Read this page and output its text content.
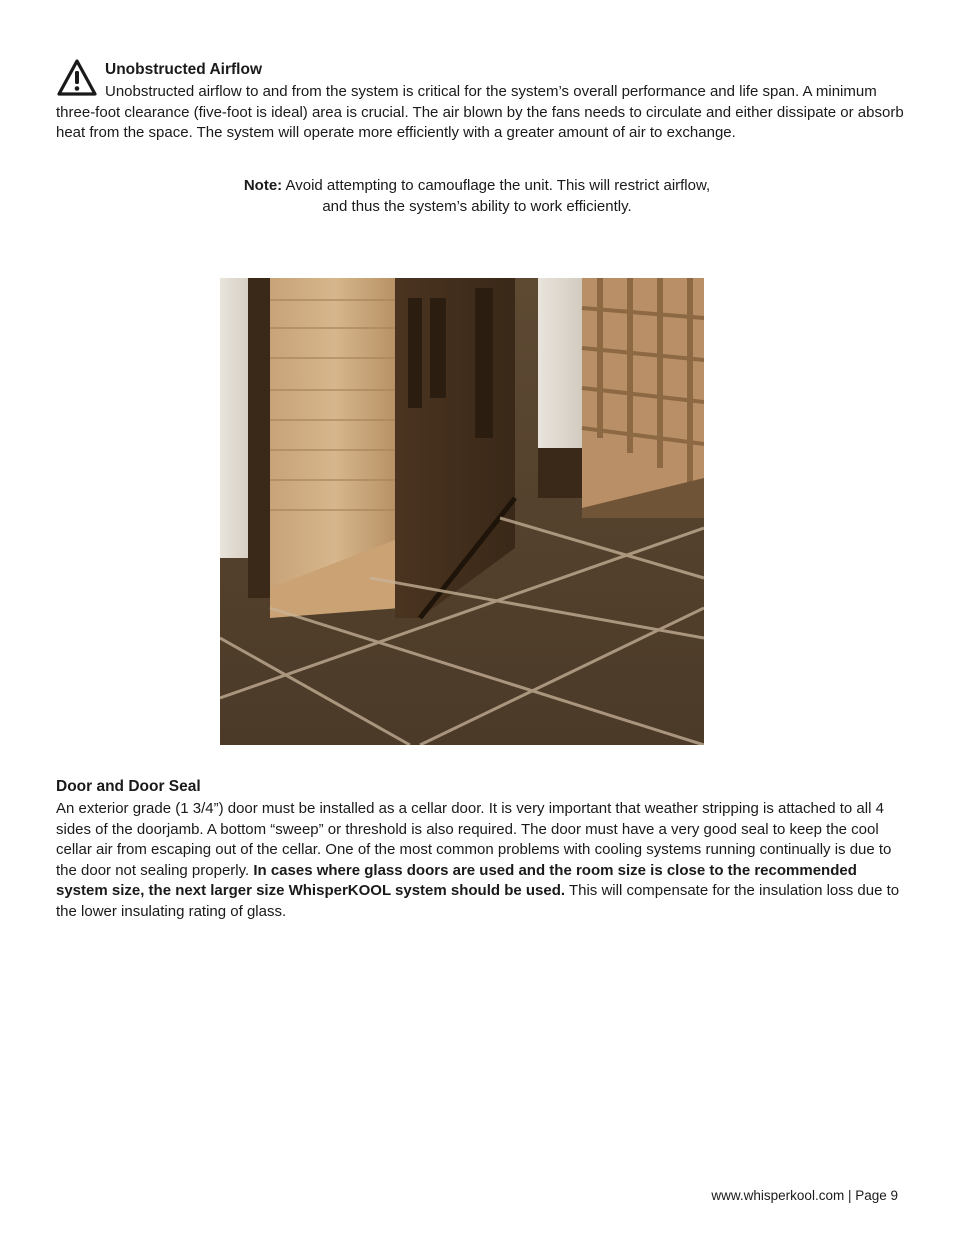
Unobstructed Airflow
Unobstructed airflow to and from the system is critical for the system’s overall performance and life span. A minimum three-foot clearance (five-foot is ideal) area is crucial. The air blown by the fans needs to circulate and either dissipate or absorb heat from the space. The system will operate more efficiently with a greater amount of air to exchange.
Note: Avoid attempting to camouflage the unit. This will restrict airflow, and thus the system’s ability to work efficiently.
Door and Door Seal
An exterior grade (1 3/4”) door must be installed as a cellar door. It is very important that weather stripping is attached to all 4 sides of the doorjamb. A bottom “sweep” or threshold is also required. The door must have a very good seal to keep the cool cellar air from escaping out of the cellar. One of the most common problems with cooling systems running continually is due to the door not sealing properly. In cases where glass doors are used and the room size is close to the recommended system size, the next larger size WhisperKOOL system should be used. This will compensate for the insulation loss due to the lower insulating rating of glass.
www.whisperkool.com | Page 9
